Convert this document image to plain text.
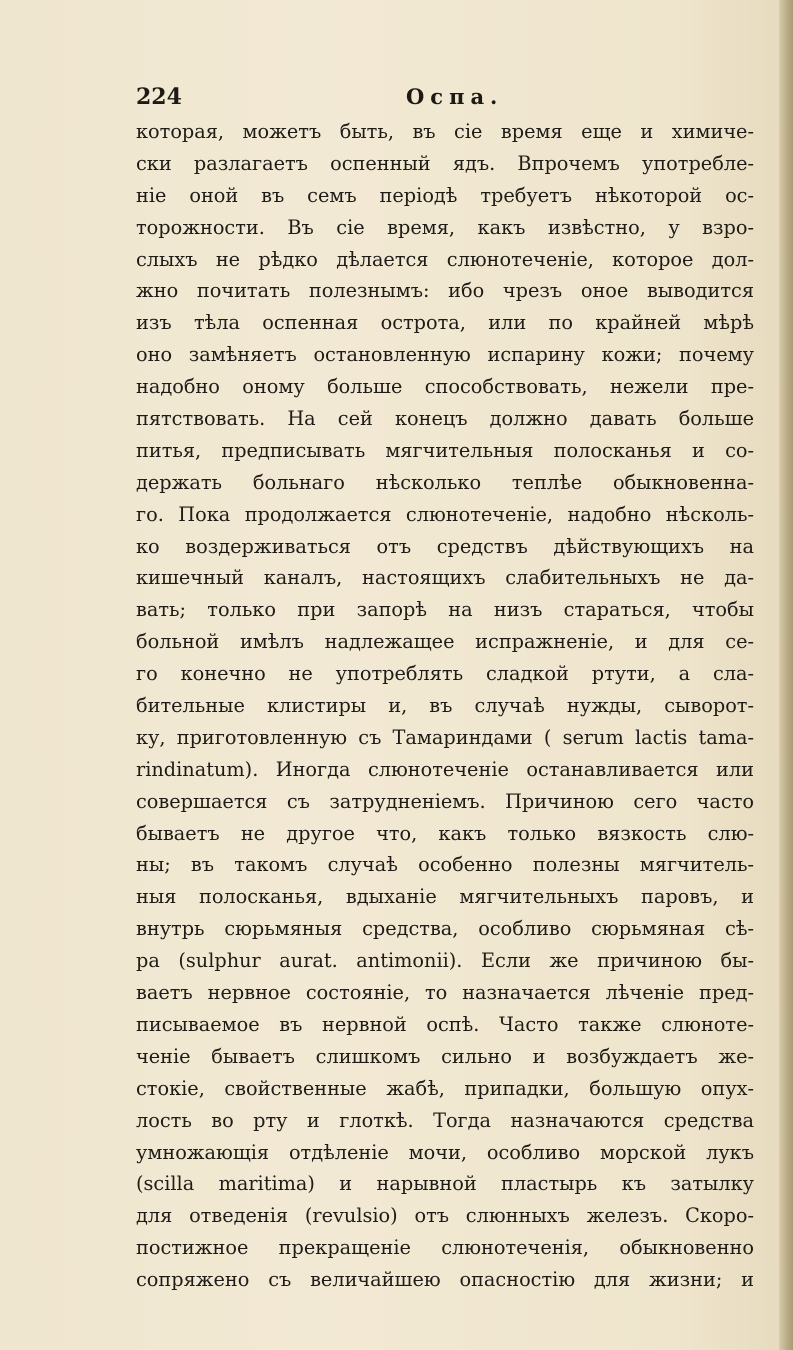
224	Оспа.
которая, можетъ быть, въ сіе время еще и химиче-
ски разлагаетъ оспенный ядъ. Впрочемъ употребле-
ніе оной въ семъ періодѣ требуетъ нѣкоторой ос-
торожности. Въ сіе время, какъ извѣстно, у взро-
слыхъ не рѣдко дѣлается слюнотеченіе, которое дол-
жно почитать полезнымъ: ибо чрезъ оное выводится
изъ тѣла оспенная острота, или по крайней мѣрѣ
оно замѣняетъ остановленную испарину кожи; почему
надобно оному больше способствовать, нежели пре-
пятствовать. На сей конецъ должно давать больше
питья, предписывать мягчительныя полосканья и со-
держать больнаго нѣсколько теплѣе обыкновенна-
го. Пока продолжается слюнотеченіе, надобно нѣсколь-
ко воздерживаться отъ средствъ дѣйствующихъ на
кишечный каналъ, настоящихъ слабительныхъ не да-
вать; только при запорѣ на низъ стараться, чтобы
больной имѣлъ надлежащее испражненіе, и для се-
го конечно не употреблять сладкой ртути, а сла-
бительные клистиры и, въ случаѣ нужды, сыворот-
ку, приготовленную съ Тамариндами ( serum lactis tama-
rindinatum). Иногда слюнотеченіе останавливается или
совершается съ затрудненіемъ. Причиною сего часто
бываетъ не другое что, какъ только вязкость слю-
ны; въ такомъ случаѣ особенно полезны мягчитель-
ныя полосканья, вдыханіе мягчительныхъ паровъ, и
внутрь сюрьмяныя средства, особливо сюрьмяная сѣ-
ра (sulphur aurat. antimonii). Если же причиною бы-
ваетъ нервное состояніе, то назначается лѣченіе пред-
писываемое въ нервной оспѣ. Часто также слюноте-
ченіе бываетъ слишкомъ сильно и возбуждаетъ же-
стокіе, свойственные жабѣ, припадки, большую опух-
лость во рту и глоткѣ. Тогда назначаются средства
умножающія отдѣленіе мочи, особливо морской лукъ
(scilla maritima) и нарывной пластырь къ затылку
для отведенія (revulsio) отъ слюнныхъ железъ. Скоро-
постижное прекращеніе слюнотеченія, обыкновенно
сопряжено съ величайшею опасностію для жизни; и
